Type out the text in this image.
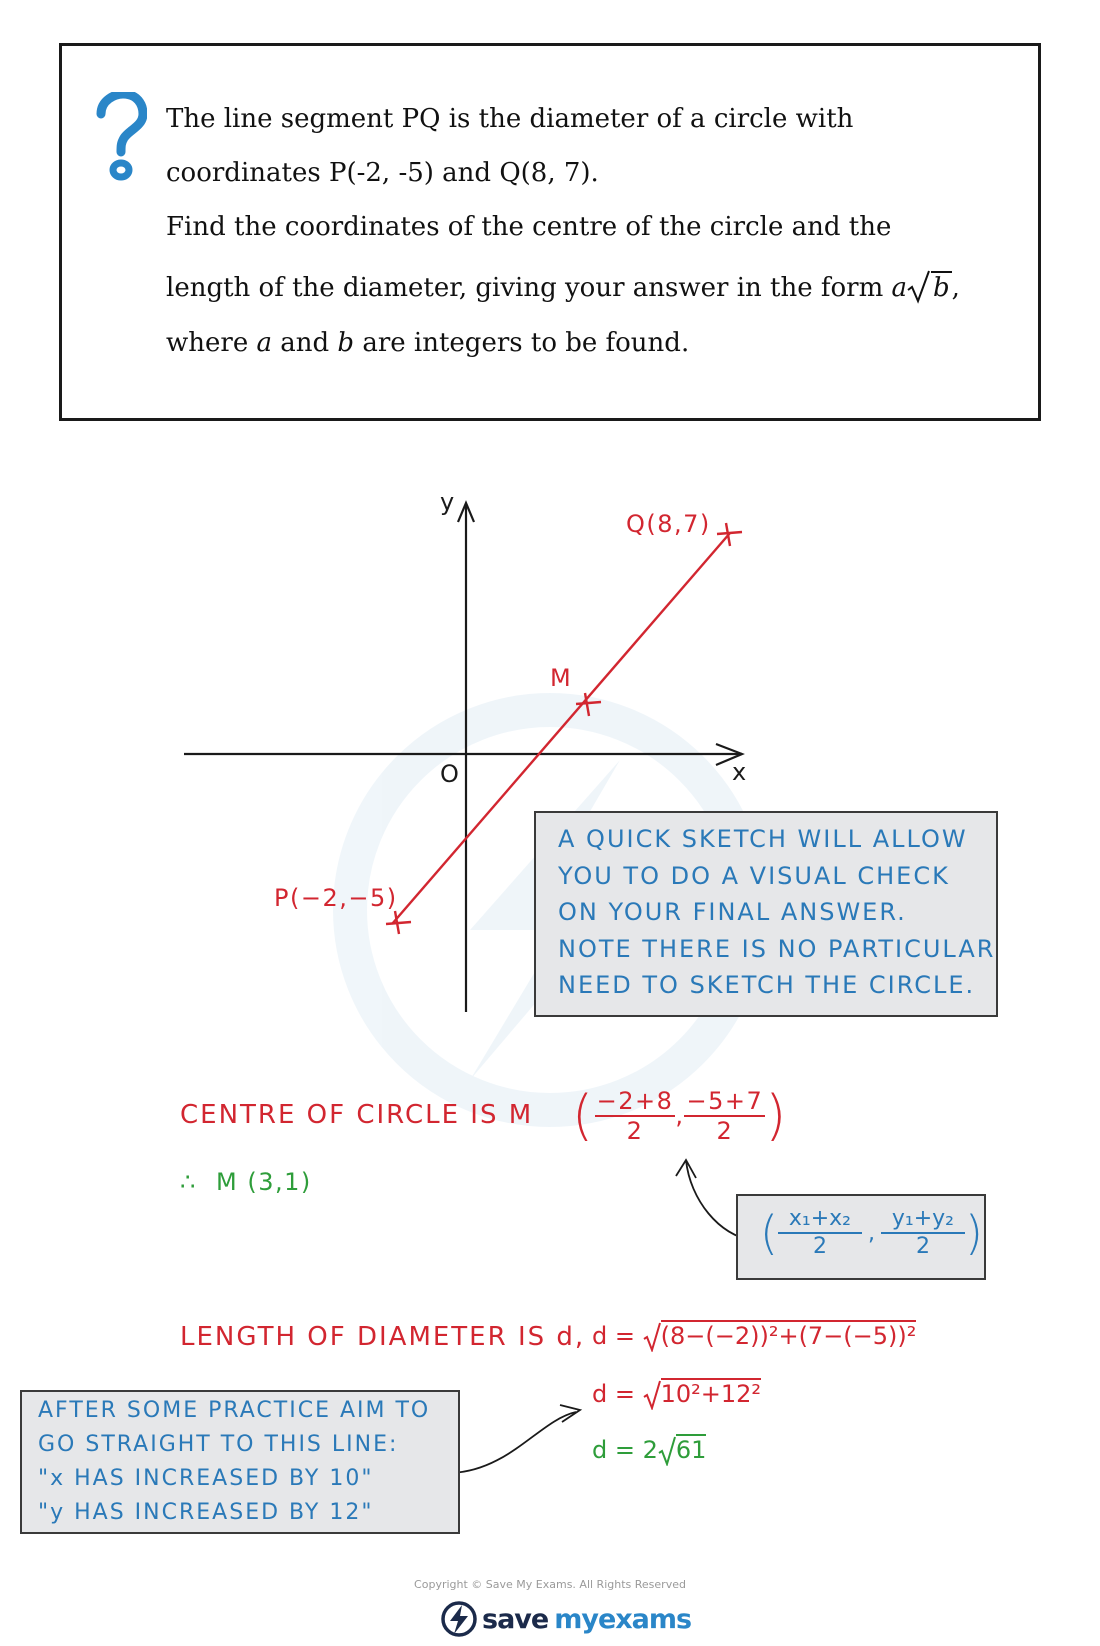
The line segment PQ is the diameter of a circle with
coordinates P(-2, -5) and Q(8, 7).
Find the coordinates of the centre of the circle and the
length of the diameter, giving your answer in the form a b,
where a and b are integers to be found.
y
x
O
Q(8,7)
M
P(−2,−5)
A QUICK SKETCH WILL ALLOW
YOU TO DO A VISUAL CHECK
ON YOUR FINAL ANSWER.
NOTE THERE IS NO PARTICULAR
NEED TO SKETCH THE CIRCLE.
CENTRE OF CIRCLE IS M ( $\frac{-2+8}{2}$ , $\frac{-5+7}{2}$ )
∴ M (3,1)
( $\frac{\text{x₁+x₂}}{2}$ , $\frac{\text{y₁+y₂}}{2}$ )
LENGTH OF DIAMETER IS d, d = (8−(−2))²+(7−(−5))²
d = 10²+12²
d = 2 61
AFTER SOME PRACTICE AIM TO
GO STRAIGHT TO THIS LINE:
"x HAS INCREASED BY 10"
"y HAS INCREASED BY 12"
Copyright © Save My Exams. All Rights Reserved
save my exams
